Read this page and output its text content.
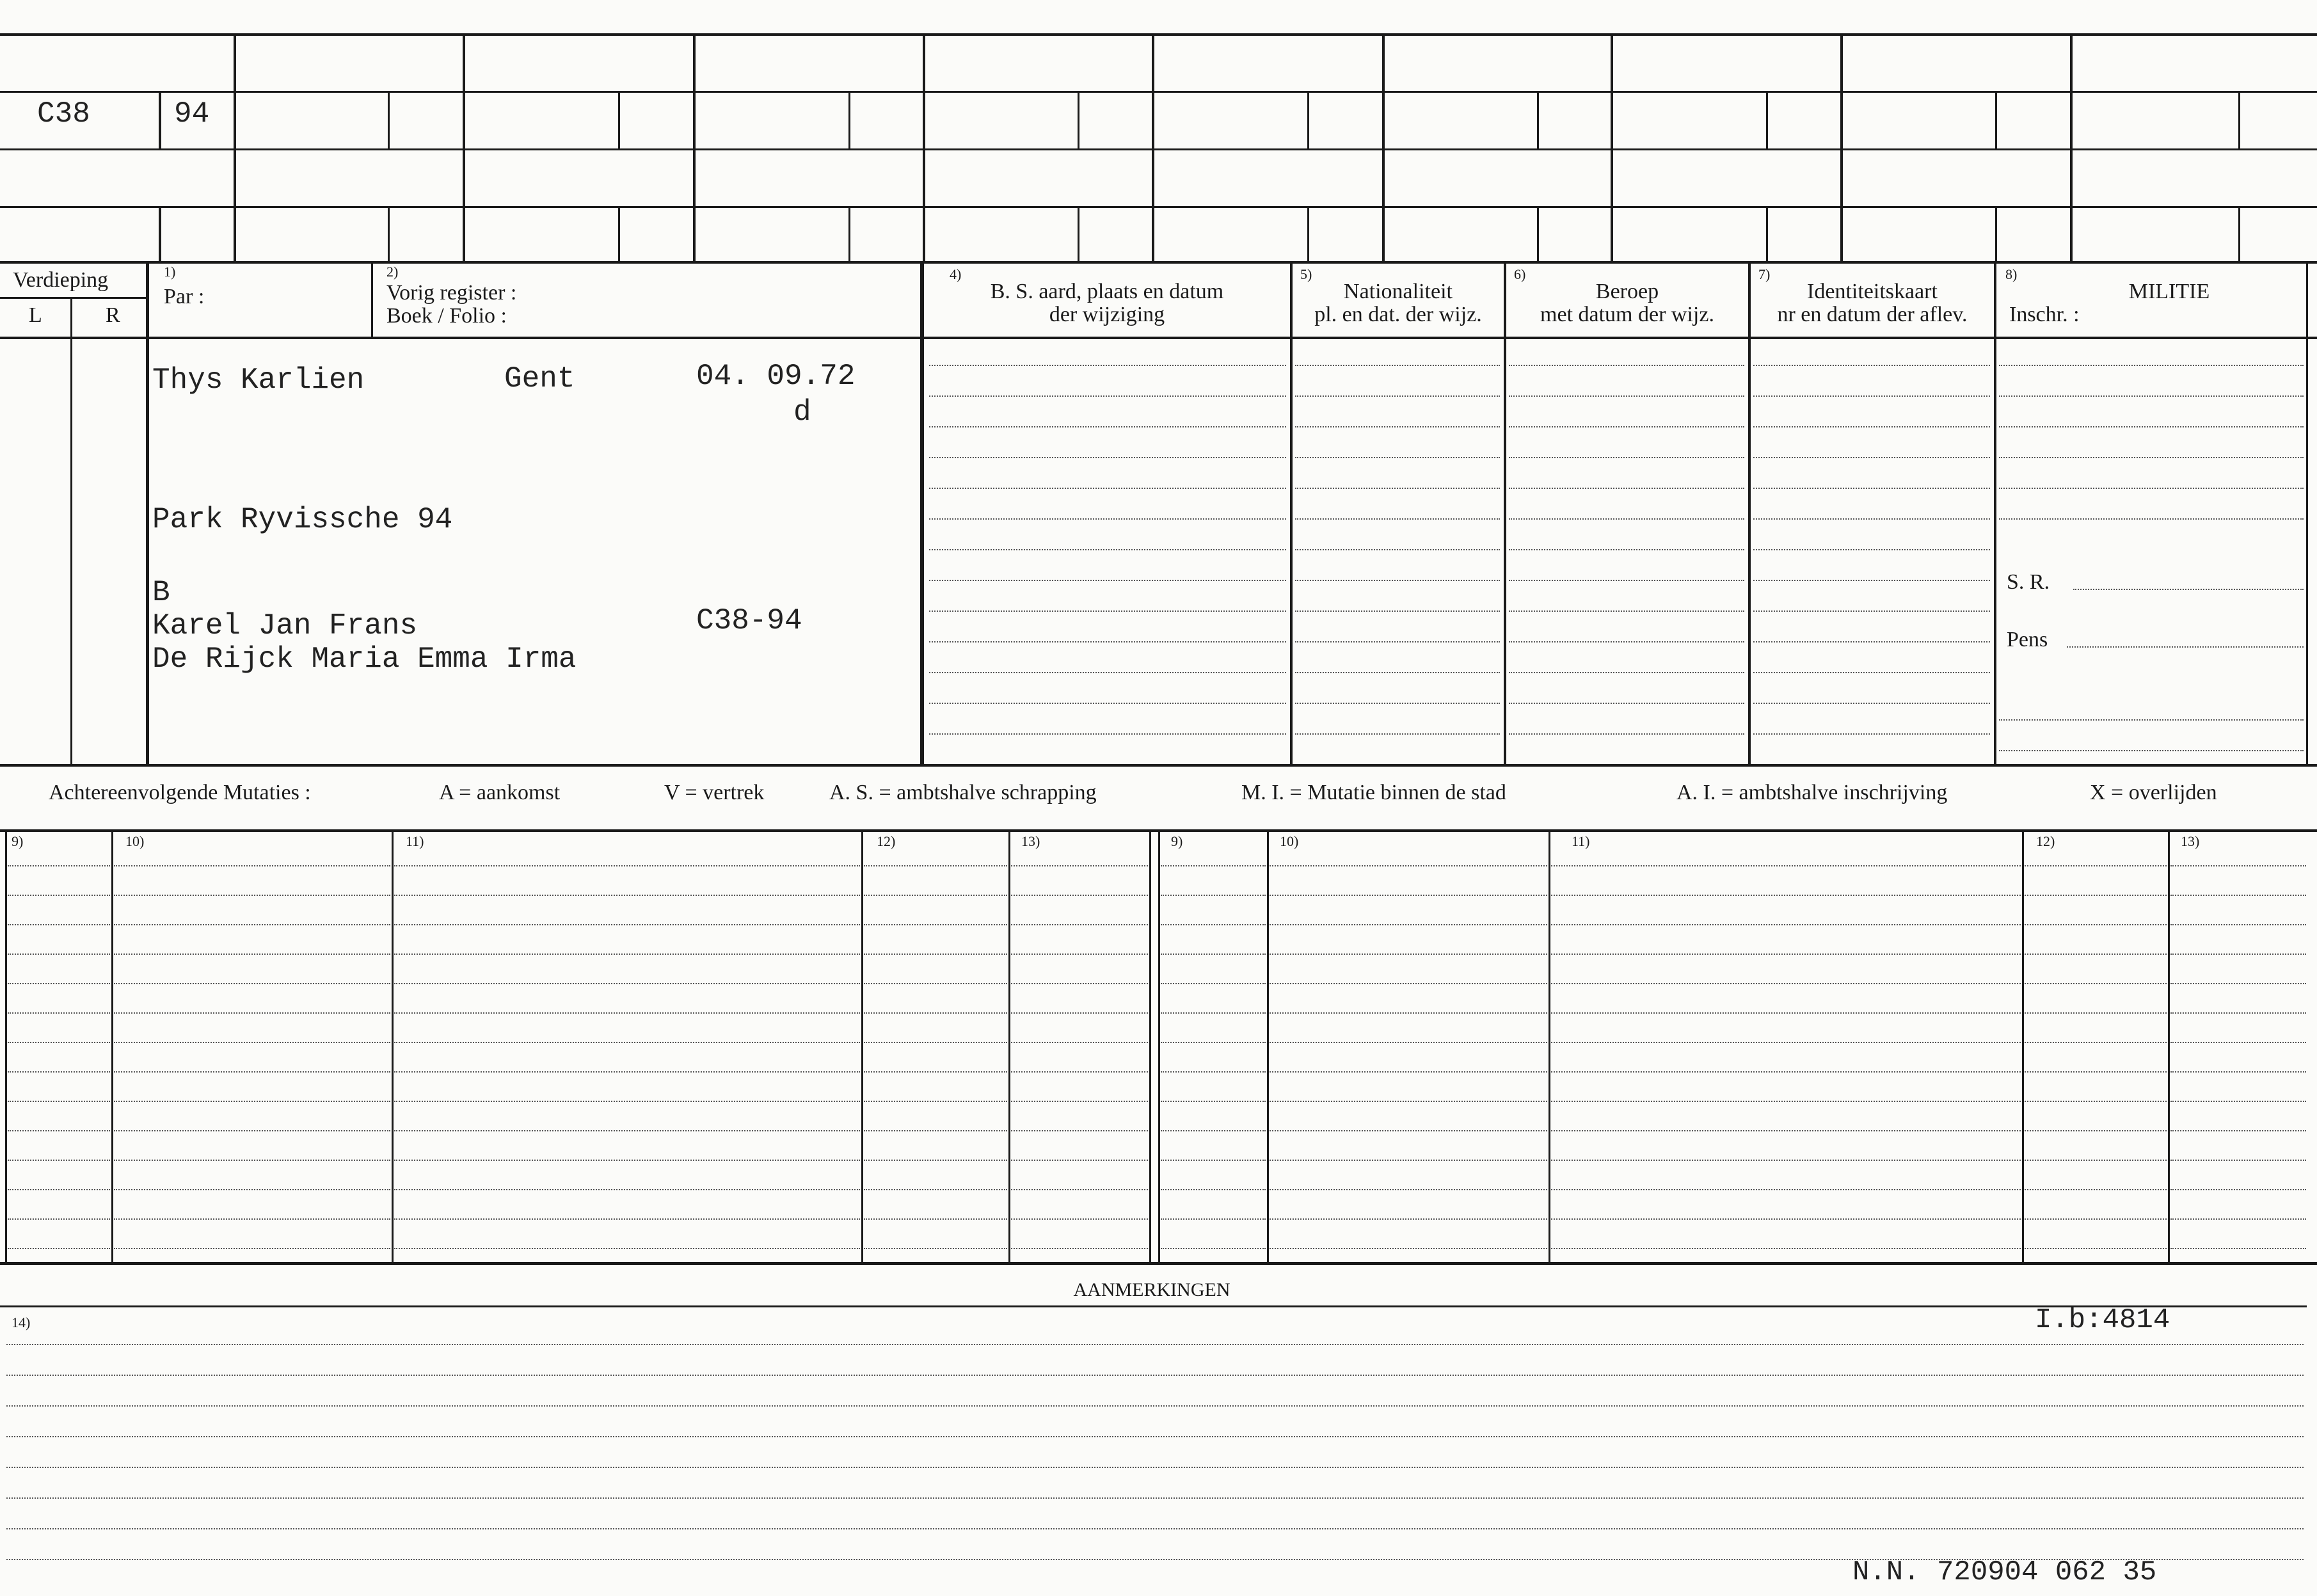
C38	94
Verdieping
L	R
1)
Par :
2)
Vorig register :
Boek / Folio :
4)
B. S. aard, plaats en datum
der wijziging
5)
Nationaliteit
pl. en dat. der wijz.
6)
Beroep
met datum der wijz.
7)
Identiteitskaart
nr en datum der aflev.
8)
MILITIE
Inschr. :
Thys Karlien	Gent	04. 09.72
d
Park Ryvissche 94
B
Karel Jan Frans	C38-94
De Rijck Maria Emma Irma
S. R.
Pens
Achtereenvolgende Mutaties :	A = aankomst	V = vertrek	A. S. = ambtshalve schrapping	M. I. = Mutatie binnen de stad	A. I. = ambtshalve inschrijving	X = overlijden
9)	10)	11)	12)	13)	9)	10)	11)	12)	13)
AANMERKINGEN
14)	I.b:4814
N.N. 720904 062 35
